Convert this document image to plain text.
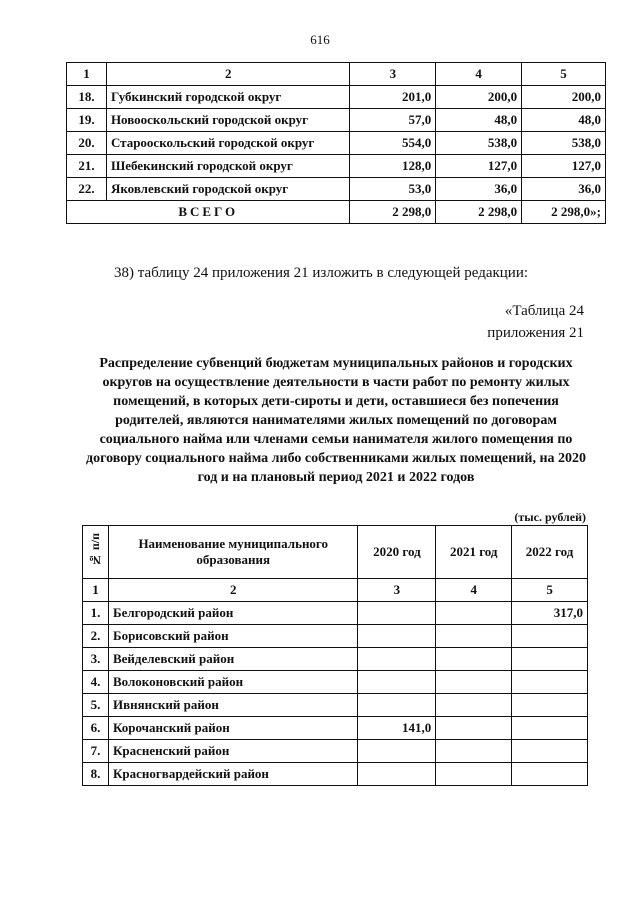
616
1	2	3	4	5
18.	Губкинский городской округ	201,0	200,0	200,0
19.	Новооскольский городской округ	57,0	48,0	48,0
20.	Старооскольский городской округ	554,0	538,0	538,0
21.	Шебекинский городской округ	128,0	127,0	127,0
22.	Яковлевский городской округ	53,0	36,0	36,0
ВСЕГО		2 298,0	2 298,0	2 298,0»;
38) таблицу 24 приложения 21 изложить в следующей редакции:
«Таблица 24
приложения 21
Распределение субвенций бюджетам муниципальных районов и городских округов на осуществление деятельности в части работ по ремонту жилых помещений, в которых дети-сироты и дети, оставшиеся без попечения родителей, являются нанимателями жилых помещений по договорам социального найма или членами семьи нанимателя жилого помещения по договору социального найма либо собственниками жилых помещений, на 2020 год и на плановый период 2021 и 2022 годов
(тыс. рублей)
№ п/п	Наименование муниципального образования	2020 год	2021 год	2022 год
1	2	3	4	5
1.	Белгородский район			317,0
2.	Борисовский район			
3.	Вейделевский район			
4.	Волоконовский район			
5.	Ивнянский район			
6.	Корочанский район	141,0		
7.	Красненский район			
8.	Красногвардейский район			
